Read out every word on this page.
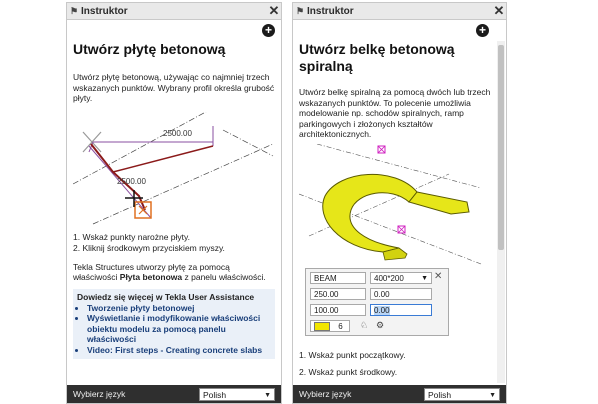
⚑ Instruktor	✕
+
Utwórz płytę betonową

Utwórz płytę betonową, używając co najmniej trzech wskazanych punktów. Wybrany profil określa grubość płyty.

2500.00
2500.00
1. Wskaż punkty narożne płyty.
2. Kliknij środkowym przyciskiem myszy.
Tekla Structures utworzy płytę za pomocą właściwości Płyta betonowa z panelu właściwości.
Dowiedz się więcej w Tekla User Assistance
• Tworzenie płyty betonowej
• Wyświetlanie i modyfikowanie właściwości obiektu modelu za pomocą panelu właściwości
• Video: First steps - Creating concrete slabs
Wybierz język	Polish	▼
⚑ Instruktor	✕
+
Utwórz belkę betonową spiralną

Utwórz belkę spiralną za pomocą dwóch lub trzech wskazanych punktów. To polecenie umożliwia modelowanie np. schodów spiralnych, ramp parkingowych i złożonych kształtów architektonicznych.

BEAM	400*200 ▼ ✕
250.00	0.00
100.00	0.00
6	♘ ⚙
1. Wskaż punkt początkowy.
2. Wskaż punkt środkowy.
Wybierz język	Polish	▼
